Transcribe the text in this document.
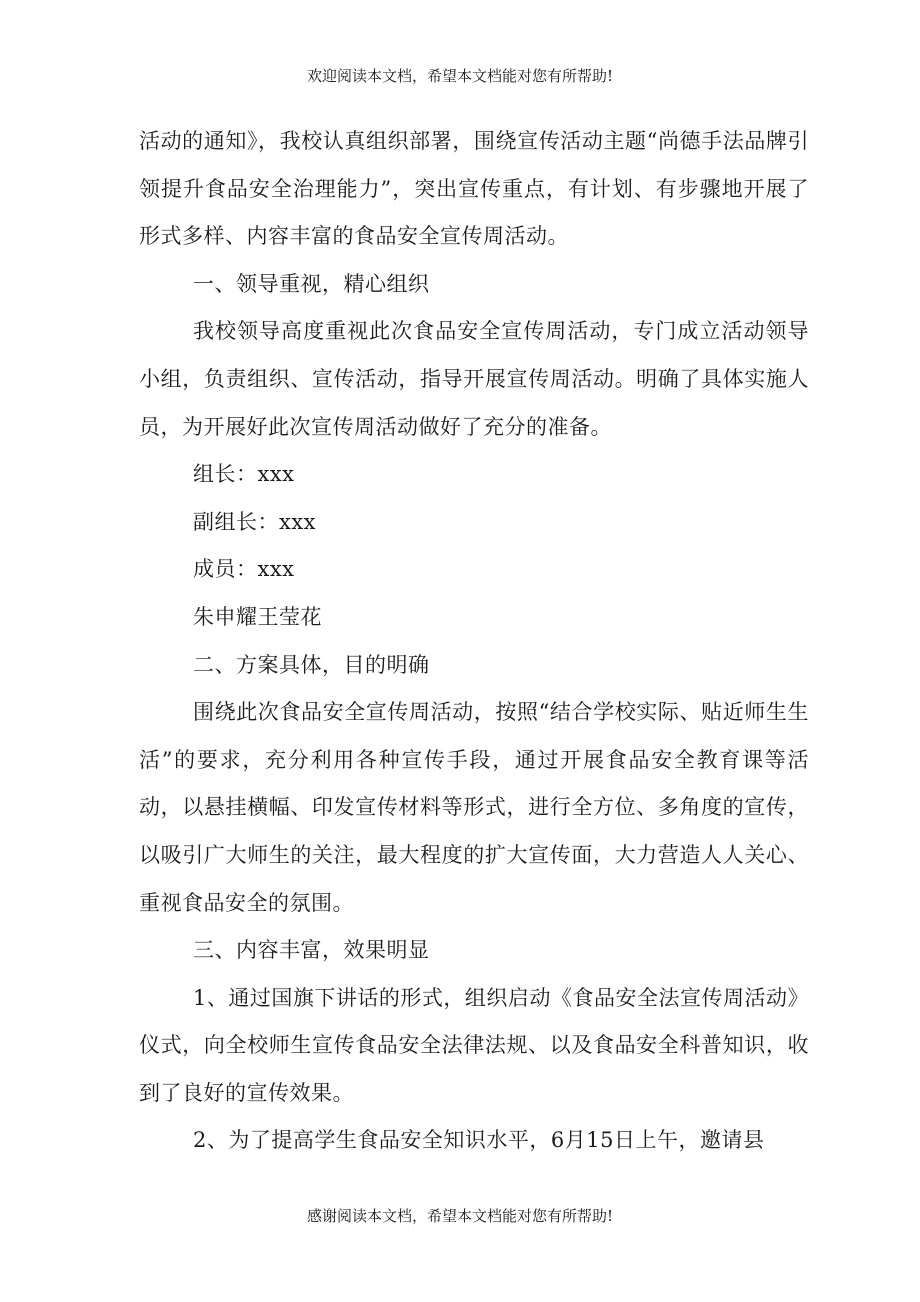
欢迎阅读本文档，希望本文档能对您有所帮助!

活动的通知》，我校认真组织部署，围绕宣传活动主题“尚德手法品牌引领提升食品安全治理能力”，突出宣传重点，有计划、有步骤地开展了形式多样、内容丰富的食品安全宣传周活动。

一、领导重视，精心组织

我校领导高度重视此次食品安全宣传周活动，专门成立活动领导小组，负责组织、宣传活动，指导开展宣传周活动。明确了具体实施人员，为开展好此次宣传周活动做好了充分的准备。

组长：xxx

副组长：xxx

成员：xxx

朱申耀王莹花

二、方案具体，目的明确

围绕此次食品安全宣传周活动，按照“结合学校实际、贴近师生生活”的要求，充分利用各种宣传手段，通过开展食品安全教育课等活动，以悬挂横幅、印发宣传材料等形式，进行全方位、多角度的宣传，以吸引广大师生的关注，最大程度的扩大宣传面，大力营造人人关心、重视食品安全的氛围。

三、内容丰富，效果明显

1、通过国旗下讲话的形式，组织启动《食品安全法宣传周活动》仪式，向全校师生宣传食品安全法律法规、以及食品安全科普知识，收到了良好的宣传效果。

2、为了提高学生食品安全知识水平，6月15日上午，邀请县

感谢阅读本文档，希望本文档能对您有所帮助!
